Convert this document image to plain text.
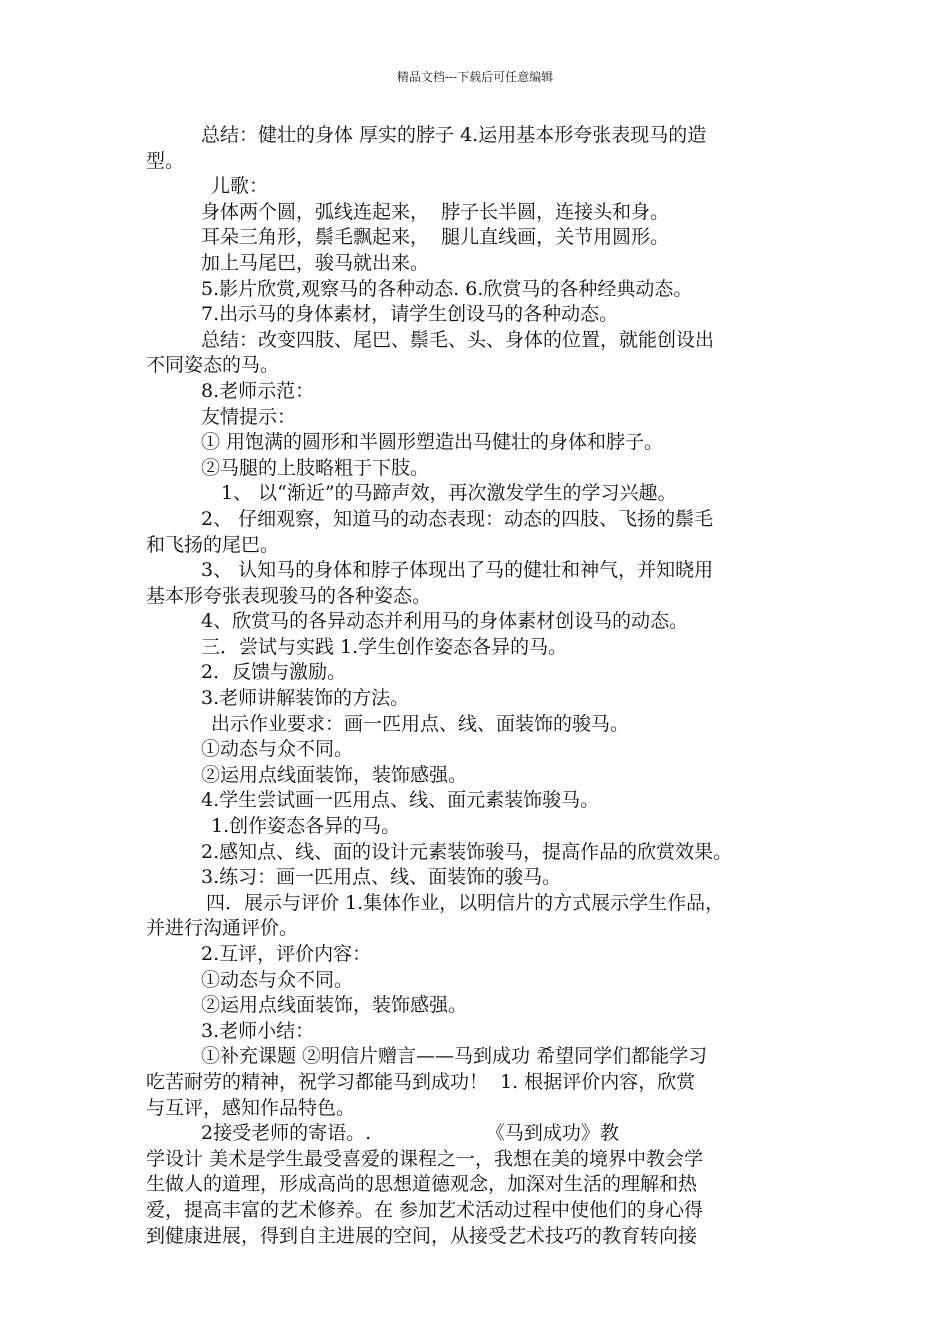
精品文档---下载后可任意编辑
总结：健壮的身体 厚实的脖子 4.运用基本形夸张表现马的造
型。
儿歌：
身体两个圆，弧线连起来，  脖子长半圆，连接头和身。
耳朵三角形，鬃毛飘起来，  腿儿直线画，关节用圆形。
加上马尾巴，骏马就出来。
5.影片欣赏,观察马的各种动态. 6.欣赏马的各种经典动态。
7.出示马的身体素材，请学生创设马的各种动态。
总结：改变四肢、尾巴、鬃毛、头、身体的位置，就能创设出
不同姿态的马。
8.老师示范：
友情提示：
① 用饱满的圆形和半圆形塑造出马健壮的身体和脖子。
②马腿的上肢略粗于下肢。
1、 以“渐近”的马蹄声效，再次激发学生的学习兴趣。
2、 仔细观察，知道马的动态表现：动态的四肢、飞扬的鬃毛
和飞扬的尾巴。
3、 认知马的身体和脖子体现出了马的健壮和神气，并知晓用
基本形夸张表现骏马的各种姿态。
4、欣赏马的各异动态并利用马的身体素材创设马的动态。
三．尝试与实践 1.学生创作姿态各异的马。
2．反馈与激励。
3.老师讲解装饰的方法。
出示作业要求：画一匹用点、线、面装饰的骏马。
①动态与众不同。
②运用点线面装饰，装饰感强。
4.学生尝试画一匹用点、线、面元素装饰骏马。
1.创作姿态各异的马。
2.感知点、线、面的设计元素装饰骏马，提高作品的欣赏效果。
3.练习：画一匹用点、线、面装饰的骏马。
四．展示与评价 1.集体作业，以明信片的方式展示学生作品，
并进行沟通评价。
2.互评，评价内容：
①动态与众不同。
②运用点线面装饰，装饰感强。
3.老师小结：
①补充课题 ②明信片赠言——马到成功 希望同学们都能学习
吃苦耐劳的精神，祝学习都能马到成功！  1. 根据评价内容，欣赏
与互评，感知作品特色。
2接受老师的寄语。.                   《马到成功》教
学设计 美术是学生最受喜爱的课程之一，我想在美的境界中教会学
生做人的道理，形成高尚的思想道德观念，加深对生活的理解和热
爱，提高丰富的艺术修养。在 参加艺术活动过程中使他们的身心得
到健康进展，得到自主进展的空间，从接受艺术技巧的教育转向接
